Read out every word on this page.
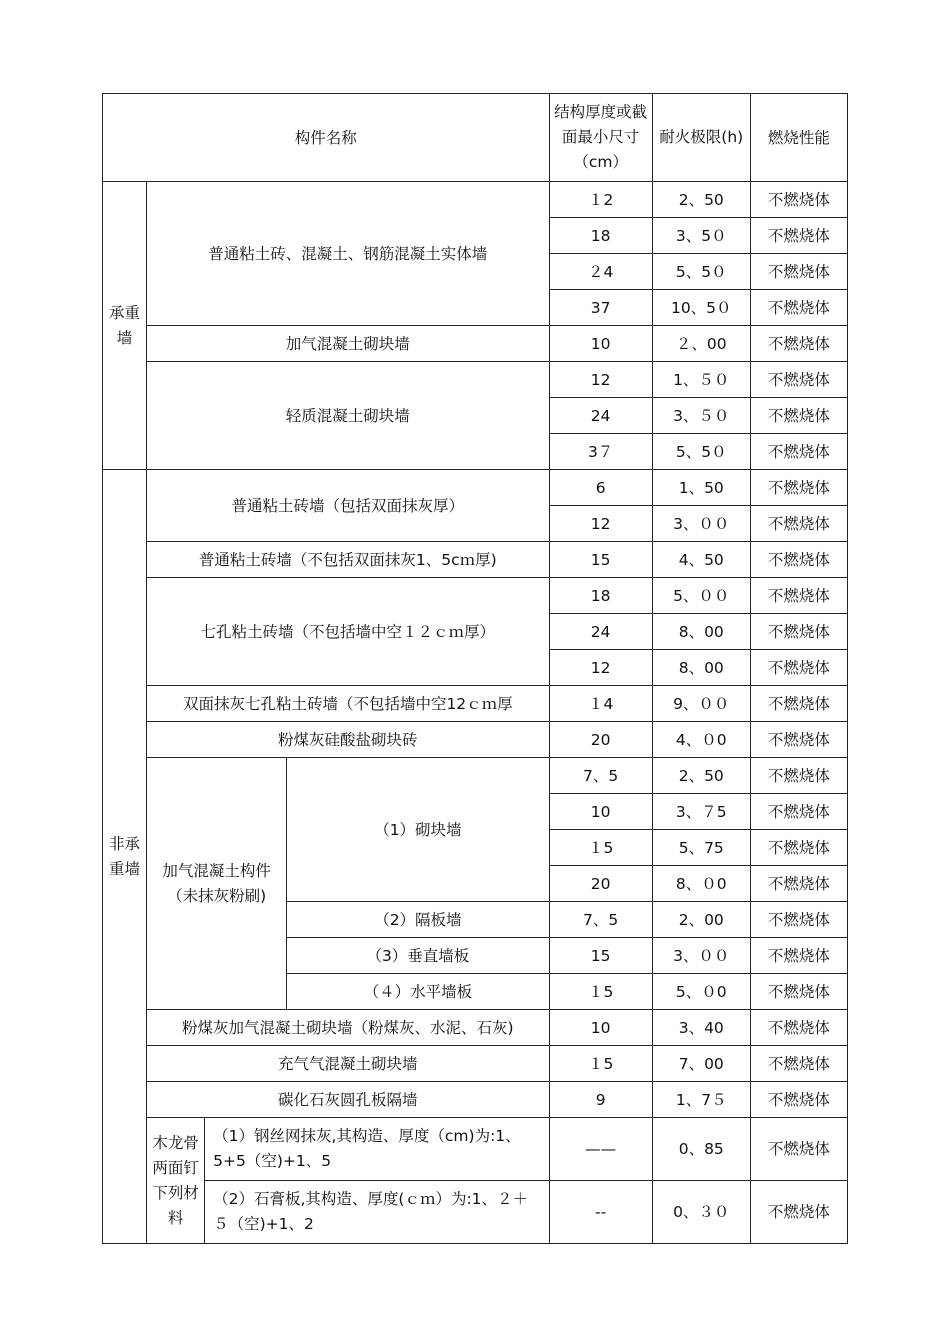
构件名称				结构厚度或截面最小尺寸（cm）	耐火极限(h)	燃烧性能
承重墙	普通粘土砖、混凝土、钢筋混凝土实体墙			１2	2、50	不燃烧体
				18	3、5０	不燃烧体
				２4	5、5０	不燃烧体
				37	10、5０	不燃烧体
	加气混凝土砌块墙			10	２、00	不燃烧体
	轻质混凝土砌块墙			12	1、５０	不燃烧体
				24	3、５０	不燃烧体
				3７	5、5０	不燃烧体
非承重墙	普通粘土砖墙（包括双面抹灰厚）			6	1、50	不燃烧体
				12	3、００	不燃烧体
	普通粘土砖墙（不包括双面抹灰1、5cｍ厚)			15	4、50	不燃烧体
	七孔粘土砖墙（不包括墙中空１２ｃｍ厚）			18	5、００	不燃烧体
				24	8、00	不燃烧体
				12	8、00	不燃烧体
	双面抹灰七孔粘土砖墙（不包括墙中空12ｃｍ厚			１4	9、００	不燃烧体
	粉煤灰硅酸盐砌块砖			20	4、０0	不燃烧体
	加气混凝土构件（未抹灰粉刷)		（1）砌块墙	7、5	2、50	不燃烧体
				10	3、７5	不燃烧体
				１5	5、75	不燃烧体
				20	8、０0	不燃烧体
			（2）隔板墙	7、5	2、00	不燃烧体
			（3）垂直墙板	15	3、００	不燃烧体
			（４）水平墙板	１5	5、０0	不燃烧体
	粉煤灰加气混凝土砌块墙（粉煤灰、水泥、石灰)			10	3、40	不燃烧体
	充气气混凝土砌块墙			１5	7、00	不燃烧体
	碳化石灰圆孔板隔墙			9	1、7５	不燃烧体
	木龙骨两面钉下列材料	（1）钢丝网抹灰,其构造、厚度（cm)为:1、5+5（空)+1、5		——	0、85	不燃烧体
		（2）石膏板,其构造、厚度(ｃｍ）为:1、２＋５（空)+1、2		--	0、３０	不燃烧体
